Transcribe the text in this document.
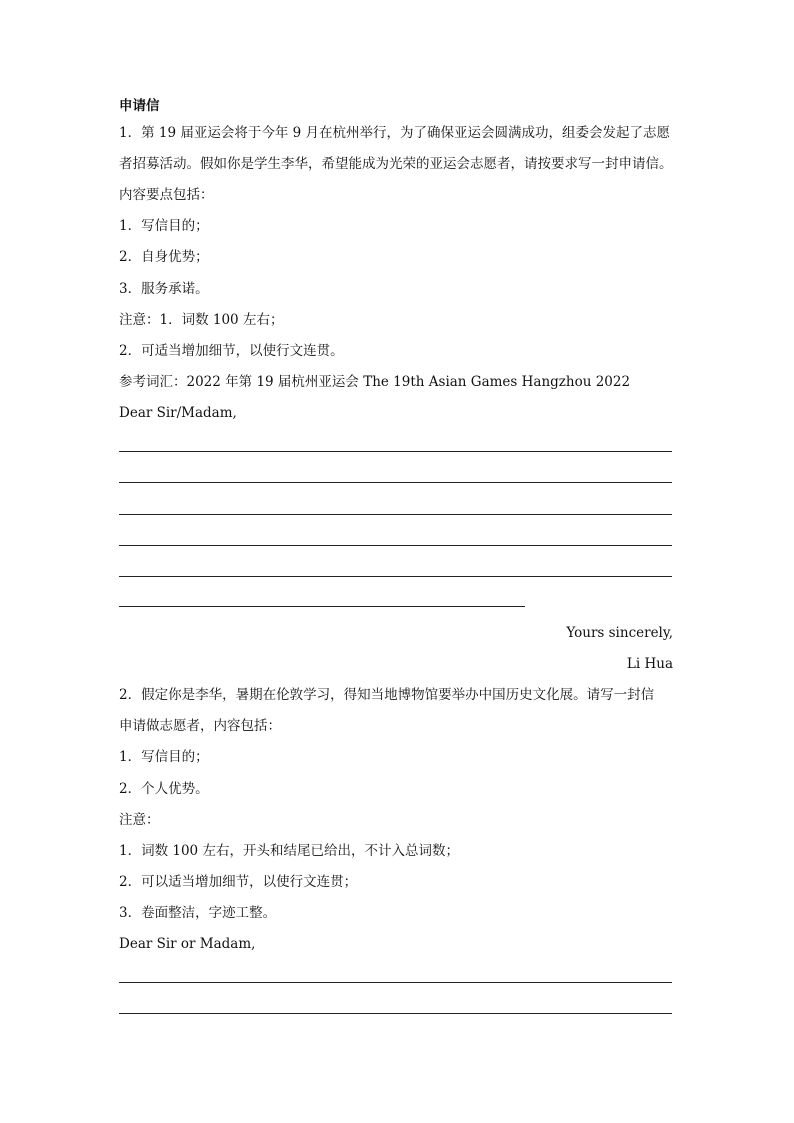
申请信
1．第 19 届亚运会将于今年 9 月在杭州举行，为了确保亚运会圆满成功，组委会发起了志愿
者招募活动。假如你是学生李华，希望能成为光荣的亚运会志愿者，请按要求写一封申请信。
内容要点包括：
1．写信目的；
2．自身优势；
3．服务承诺。
注意：1．词数 100 左右；
2．可适当增加细节，以使行文连贯。
参考词汇：2022 年第 19 届杭州亚运会 The 19th Asian Games Hangzhou 2022
Dear Sir/Madam,
Yours sincerely,
Li Hua
2．假定你是李华，暑期在伦敦学习，得知当地博物馆要举办中国历史文化展。请写一封信
申请做志愿者，内容包括：
1．写信目的；
2．个人优势。
注意：
1．词数 100 左右，开头和结尾已给出，不计入总词数；
2．可以适当增加细节，以使行文连贯；
3．卷面整洁，字迹工整。
Dear Sir or Madam,
